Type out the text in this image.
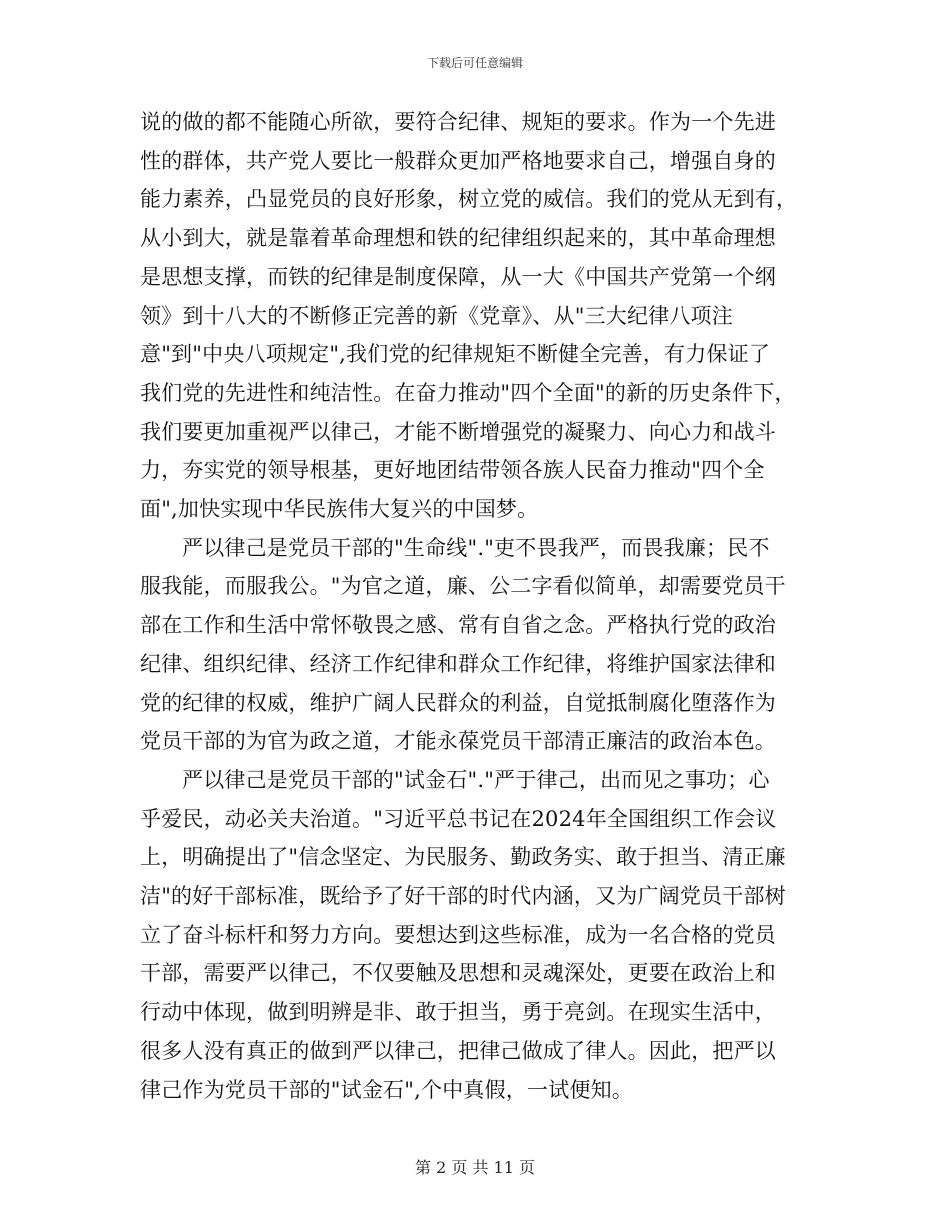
下载后可任意编辑

说的做的都不能随心所欲，要符合纪律、规矩的要求。作为一个先进
性的群体，共产党人要比一般群众更加严格地要求自己，增强自身的
能力素养，凸显党员的良好形象，树立党的威信。我们的党从无到有，
从小到大，就是靠着革命理想和铁的纪律组织起来的，其中革命理想
是思想支撑，而铁的纪律是制度保障，从一大《中国共产党第一个纲
领》到十八大的不断修正完善的新《党章》、从"三大纪律八项注
意"到"中央八项规定",我们党的纪律规矩不断健全完善，有力保证了
我们党的先进性和纯洁性。在奋力推动"四个全面"的新的历史条件下，
我们要更加重视严以律己，才能不断增强党的凝聚力、向心力和战斗
力，夯实党的领导根基，更好地团结带领各族人民奋力推动"四个全
面",加快实现中华民族伟大复兴的中国梦。

严以律己是党员干部的"生命线"."吏不畏我严，而畏我廉；民不
服我能，而服我公。"为官之道，廉、公二字看似简单，却需要党员干
部在工作和生活中常怀敬畏之感、常有自省之念。严格执行党的政治
纪律、组织纪律、经济工作纪律和群众工作纪律，将维护国家法律和
党的纪律的权威，维护广阔人民群众的利益，自觉抵制腐化堕落作为
党员干部的为官为政之道，才能永葆党员干部清正廉洁的政治本色。

严以律己是党员干部的"试金石"."严于律己，出而见之事功；心
乎爱民，动必关夫治道。"习近平总书记在2024年全国组织工作会议
上，明确提出了"信念坚定、为民服务、勤政务实、敢于担当、清正廉
洁"的好干部标准，既给予了好干部的时代内涵，又为广阔党员干部树
立了奋斗标杆和努力方向。要想达到这些标准，成为一名合格的党员
干部，需要严以律己，不仅要触及思想和灵魂深处，更要在政治上和
行动中体现，做到明辨是非、敢于担当，勇于亮剑。在现实生活中，
很多人没有真正的做到严以律己，把律己做成了律人。因此，把严以
律己作为党员干部的"试金石",个中真假，一试便知。

第 2 页 共 11 页
